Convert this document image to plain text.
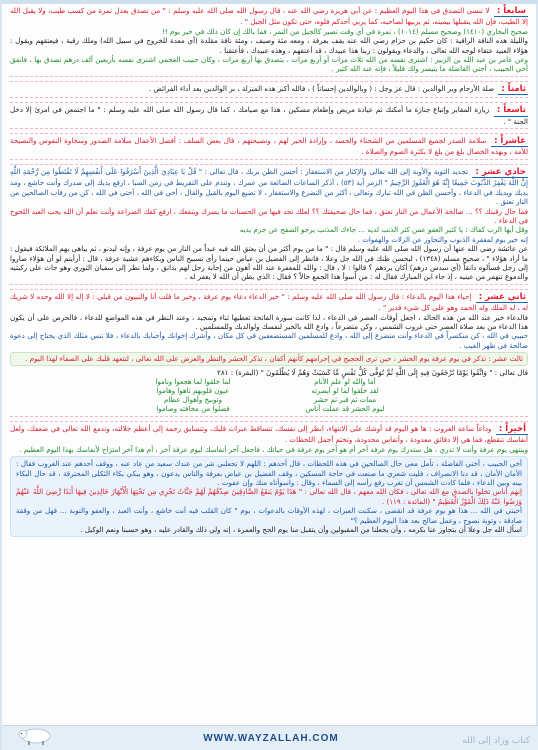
سابعاً : لا تنسى التصدق في هذا اليوم العظيم : عن أبي هريرة رضي الله عنه ، قال رسول الله صلى الله عليه وسلم : " من تصدق بعدل تمرة من كسب طيب، ولا يقبل الله إلا الطيب، فإن الله يتقبلها بيمينه، ثم يربيها لصاحبه، كما يربي أحدكم فلوه، حتى تكون مثل الجبل " .
صحيح البخاري (١٤١٠) وصحيح مسلم (١٠١٤) ، تمرة في أي وقت تصير كالجبل من التمر ، فما بالك إن كان ذلك في خير يوم !!
والليلة هذه الناقة الراقية : كان حكيم بن حزام رضي الله عنه يقف بعرفة ، ومعه مئة وصيف ، ومئة ناقة مقلدة (أي معدة للخروج في سبيل الله) وملك رقبة ، فيعتقهم ويقول : هؤلاء العبيد عتقاء لوجه الله تعالى ، والدعاء ويقولون : ربنا هذا عبيدك ، قد أعتقهم ، وهذه عبيدك ، فأعتقنا .
وعن عامر بن عبد الله بن الزبير : اشترى نفسه من الله ثلاث مرات أو أربع مرات ، يتصدق بها أربع مرات ، وكان حبيب العجمي اشترى نفسه بأربعين ألف درهم تصدق بها ، فانفق أخي الحبيب ، أختي الفاضلة ما يتيسر ولك قليلاً ، فإنه عند الله كثير .
ثامناً : صلة الأرحام وبر الوالدين : قال عز وجل : ( وبالوالدين إحساناً ) ، فالله أكبر هذه المنزلة ، بر الوالدين بعد أداء الفرائض .
تاسعاً : زيارة المقابر وإتباع جنازة ما أمكنك ثم عيادة مريض وإطعام مسكين ، هذا مع صيامك ، كما قال رسول الله صلى الله عليه وسلم : " ما اجتمعن في امرئ إلا دخل الجنة " .
عاشراً : سلامة الصدر لجميع المسلمين من الشحناء والحسد ، وإرادة الخير لهم ، ونصيحتهم ، قال بعض السلف : أفضل الأعمال سلامة الصدور وسخاوة النفوس والنصيحة للأمة ، وبهذه الخصال بلغ من بلغ لا بكثرة الصوم والصلاة .
حادي عشر : تجديد التوبة والأوبة إلى الله تعالى والإكثار من الاستغفار : أحسن الظن بربك ، قال تعالى : " قُلْ يَا عِبَادِيَ الَّذِينَ أَسْرَفُوا عَلَى أَنفُسِهِمْ لَا تَقْنَطُوا مِن رَّحْمَةِ اللَّهِ إِنَّ اللَّهَ يَغْفِرُ الذُّنُوبَ جَمِيعًا إِنَّهُ هُوَ الْغَفُورُ الرَّحِيمُ " الزمر آية (٥٣) ، أذكر الساعات الضائعة من عمرك ، وتندم على التفريط في زمن الصبا ، ارفع يديك إلى صدرك وأنت خاشع ، ومد يديك ويديك في الدعاء ، وأحسن الظن في الله تبارك وتعالى ، أكثر من التضرع والاستغفار ، لا تضيع اليوم بالقيل والقال ، أخي في الله ، أختي في الله ، كن من رقاب الصالحين من النار تعتق .
فما حال رقبتك ؟؟ ... صالحة الأعمال من النار تعتق ، فما حال صحيفتك ؟؟ لعلك تجد فيها من الحسنات ما يسرك وينفعك ، ارفع كفك الضراعة وأنت تعلم أن الله يحب العبد اللحوح في الدعاء .
وقل أيها الرب كفاك : يا كثير العفو عمن كثر الذنب لديه ... جاءك المذنب يرجو الصفح عن جرم يديه
إنه خير يوم لمغفرة الذنوب والتجاوز عن الزلات والهفوات .
عن عائشة رضي الله عنها أن رسول الله صلى الله عليه وسلم قال : " ما من يوم أكثر من أن يعتق الله فيه عبداً من النار من يوم عرفة ، وإنه ليدنو ، ثم يباهي بهم الملائكة فيقول : ما أراد هؤلاء " ، صحيح مسلم (١٣٤٨) ، ليحسن ظنك في الله جل وعلا ، فانظر إلى الفضيل بن عياض حينما رأى تسبيح الناس وبكاءهم عشية عرفة ، قال : أرأيتم لو أن هؤلاء صاروا إلى رجل فسألوه دانقاً (أي سدس درهم) أكان يردهم ؟ قالوا : لا ، قال : والله للمغفرة عند الله أهون من إجابة رجل لهم بدانق ، ولما نظر إلى سفيان الثوري وهو جاث على ركبتيه والدموع تنهمر من عينيه ، إذ جاء ابن المبارك فقال له : من أسوأ هذا الجمع حالاً ؟ فقال : الذي يظن أن الله لا يغفر له .
ثاني عشر : إحياء هذا اليوم بالدعاء : قال رسول الله صلى الله عليه وسلم : " خير الدعاء دعاء يوم عرفة ، وخير ما قلت أنا والنبيون من قبلي : لا إله إلا الله وحده لا شريك له ، له الملك وله الحمد وهو على كل شيء قدير " .
فالدعاء خير عند الله من هذه الحالة ، اجعل أوقات العصر في الدعاء ، لذا كانت سورة الفاتحة تعطيها ثناء وتمجيد ، وعند النظر في هذه المواضع للدعاء ، فالحرص على أن يكون هذا الدعاء من بعد صلاة العصر حتى غروب الشمس ، وكن متضرعاً ، وادع الله بالخير لنفسك ولوالديك وللمسلمين .
حبيبي في الله ، كن منكسراً في الدعاء وأنت متضرع إلى الله ، وادع للمسلمين المستضعفين في كل مكان ، وأشرك إخوانك وأحبابك بالدعاء ، فلا تنس مثلك الذي يحتاج إلى دعوة صالحة في ظهر الغيب .
ثالث عشر : تذكر في يوم عرفة يوم الحشر ، حين ترى الحجيج في إحرامهم كأنهم أكفان ، تذكر الحشر والنظر والعرض على الله تعالى ، لتتعهد قلبك على الصفاء لهذا اليوم .
قال تعالى : " وَاتَّقُوا يَوْمًا تُرْجَعُونَ فِيهِ إِلَى اللَّهِ ثُمَّ تُوَفَّى كُلُّ نَفْسٍ مَّا كَسَبَتْ وَهُمْ لَا يُظْلَمُونَ " (البقرة) : ٢٨١
أما والله لو علم الأنام
لما خلقوا لما هجعوا وناموا
لقد خلقوا لما لو أبصرته
عيون قلوبهم تاهوا وهاموا
ممات ثم قبر ثم حشر
وتوبيخ وأهوال عظام
ليوم الحشر قد عملت أناس
فصلوا من مخافته وصاموا
أخيراً : وداعاً ساعة الغروب : ها هو اليوم قد أوشك على الانتهاء، انظر إلى نفسك، تتساقط عبرات قلبك، وتتسابق رحمة إلى أعظم جلالته، وتدمع الله تعالى في ضعفك، ولعل أنفاسك تنقطع، فما هي إلا دقائق معدودة ، وأنفاس محدودة، وتختم أجمل اللحظات .
وينتهي يوم عرفة وأنت لا تدري ، هل ستدرك يوم عرفة آخر أم هو آخر يوم عرفة في حياتك ، فاجعل آخر أنفاسك ليوم عرفة آخر ، أم هذا آخر امتزاج لأنفاسك بهذا اليوم العظيم .
أخي الحبيب ، أختي الفاضلة ، تأمل معي حال الصالحين في هذه اللحظات ، قال أحدهم : اللهم لا تجعلني شر من عندك سعيد من عاد عنه ، ووقف أحدهم عند الغروب فقال : الأمان الأمان ، قد دنا الانصراف ، فليت شعري ما صنعت في حاجة المسكين ، وقف الفضيل بن عياض بعرفة والناس يدعون ، وهو يبكي بكاء الثكلى المحترقة ، قد حال البكاء بينه وبين الدعاء ، فلما كادت الشمس أن تغرب رفع رأسه إلى السماء ، وقال : واسوأتاه منك وإن عفوت .
إنهم أناس تخلوا بالصدق مع الله تعالى ، فكان الله معهم ، قال الله تعالى : " هَذَا يَوْمُ يَنفَعُ الصَّادِقِينَ صِدْقُهُمْ لَهُمْ جَنَّاتٌ تَجْرِي مِن تَحْتِهَا الْأَنْهَارُ خَالِدِينَ فِيهَا أَبَدًا رَّضِيَ اللَّهُ عَنْهُمْ وَرَضُوا عَنْهُ ذَلِكَ الْفَوْزُ الْعَظِيمُ " (المائدة : ١١٩) .
أحبتي في الله ... هذا هو يوم عرفة قد انقضى ، سكنت العبرات ، لهذه الأوقات بالدعوات ، يوم " كان القلب فيه أنت خاشع ، وأنت العبد ، والعفو والتوبة ... فهل من وقفة صادقة ، وتوبة نصوح ، وعمل صالح بعد هذا اليوم العظيم ؟"
اسأل الله جل وعلا أن يتجاوز عنا بكرمه ، وأن يجعلنا من المقبولين وأن يتقبل منا يوم الحج والعمرة ، إنه ولي ذلك والقادر عليه ، وهو حسبنا ونعم الوكيل .
WWW.WAYZALLAH.COM	كتاب وزاد إلى الله
